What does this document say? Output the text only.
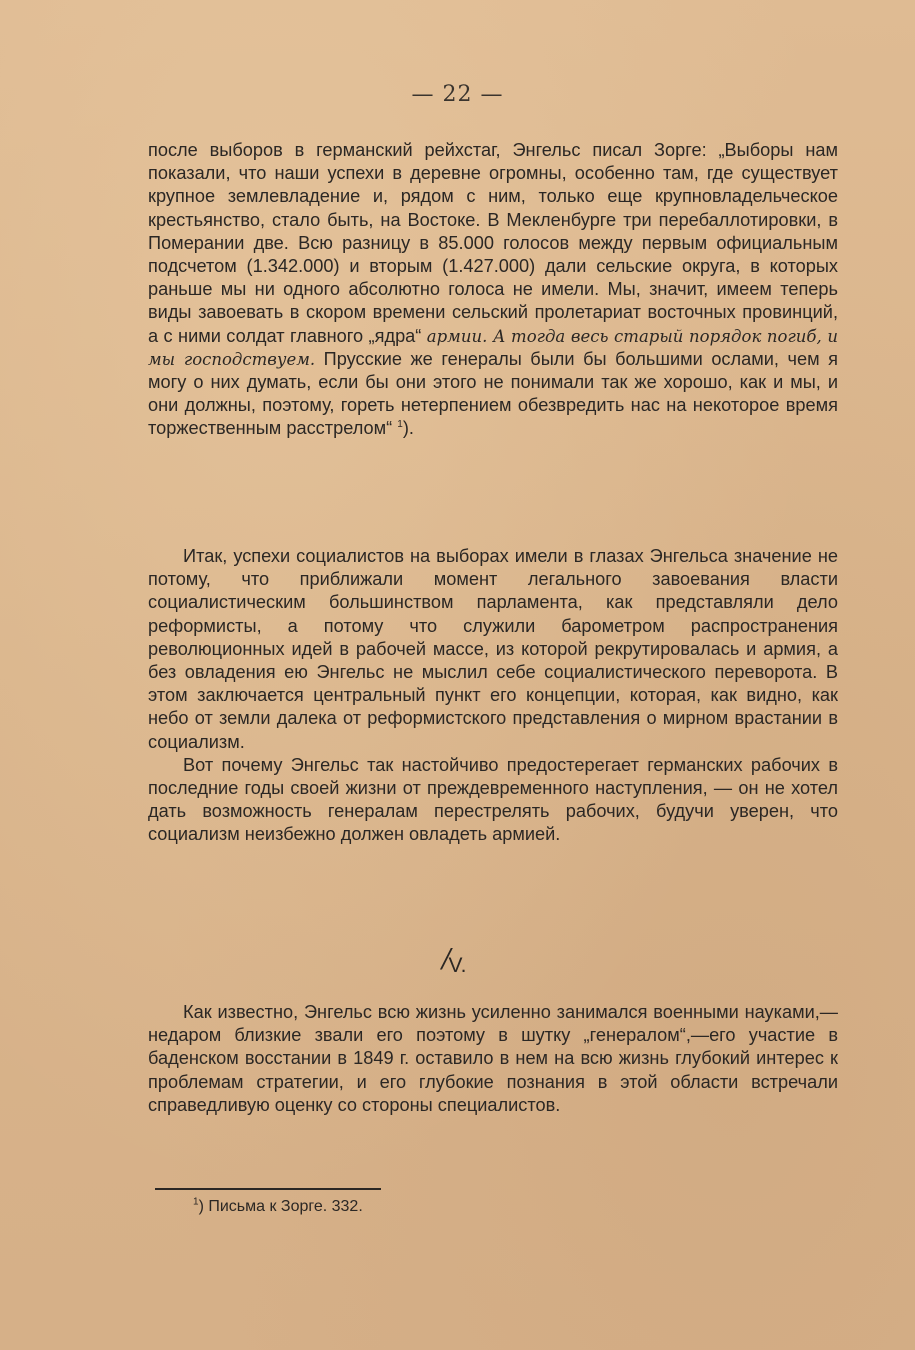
— 22 —

после выборов в германский рейхстаг, Энгельс писал Зорге: „Выборы нам показали, что наши успехи в деревне огромны, особенно там, где существует крупное землевладение и, рядом с ним, только еще крупновладельческое крестьянство, стало быть, на Востоке. В Мекленбурге три перебаллотировки, в Померании две. Всю разницу в 85.000 голосов между первым официальным подсчетом (1.342.000) и вторым (1.427.000) дали сельские округа, в которых раньше мы ни одного абсолютно голоса не имели. Мы, значит, имеем теперь виды завоевать в скором времени сельский пролетариат восточных провинций, а с ними солдат главного „ядра“ армии. А тогда весь старый порядок погиб, и мы господствуем. Прусские же генералы были бы большими ослами, чем я могу о них думать, если бы они этого не понимали так же хорошо, как и мы, и они должны, поэтому, гореть нетерпением обезвредить нас на некоторое время торжественным расстрелом“ $^1$).

Итак, успехи социалистов на выборах имели в глазах Энгельса значение не потому, что приближали момент легального завоевания власти социалистическим большинством парламента, как представляли дело реформисты, а потому что служили барометром распространения революционных идей в рабочей массе, из которой рекрутировалась и армия, а без овладения ею Энгельс не мыслил себе социалистического переворота. В этом заключается центральный пункт его концепции, которая, как видно, как небо от земли далека от реформистского представления о мирном врастании в социализм.

Вот почему Энгельс так настойчиво предостерегает германских рабочих в последние годы своей жизни от преждевременного наступления, — он не хотел дать возможность генералам перестрелять рабочих, будучи уверен, что социализм неизбежно должен овладеть армией.

/
V.

Как известно, Энгельс всю жизнь усиленно занимался военными науками,—недаром близкие звали его поэтому в шутку „генералом“,—его участие в баденском восстании в 1849 г. оставило в нем на всю жизнь глубокий интерес к проблемам стратегии, и его глубокие познания в этой области встречали справедливую оценку со стороны специалистов.

$^1$) Письма к Зорге. 332.
